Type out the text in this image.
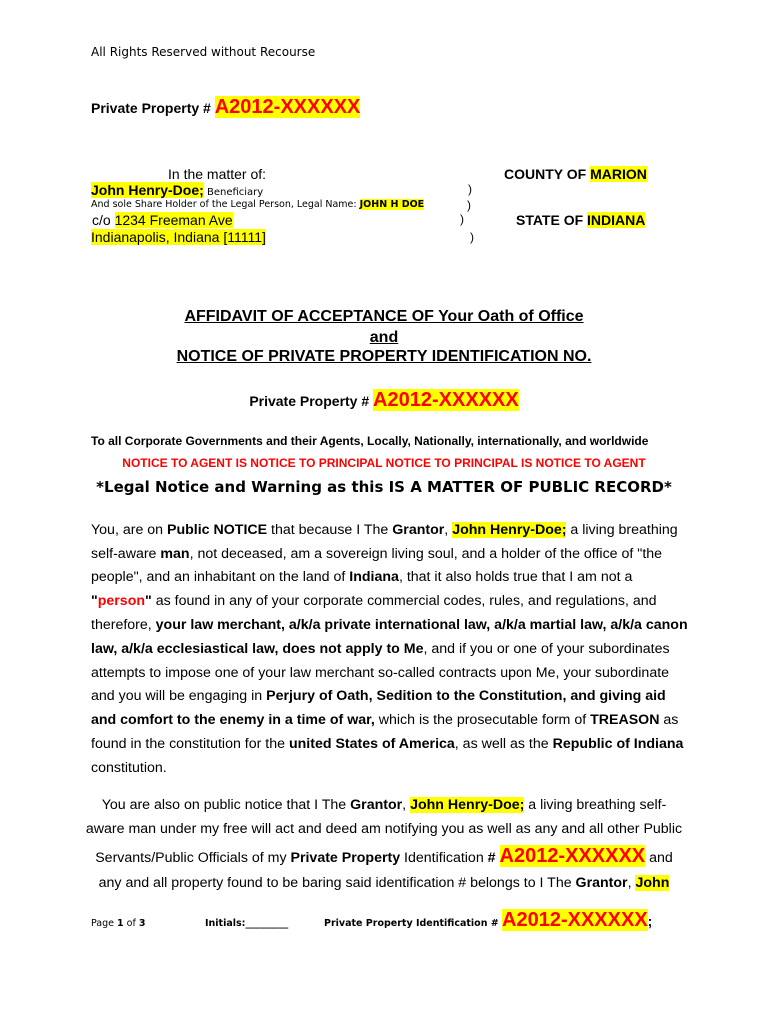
All Rights Reserved without Recourse
Private Property # A2012-XXXXXX
In the matter of:
John Henry-Doe; Beneficiary
And sole Share Holder of the Legal Person, Legal Name: JOHN H DOE
c/o 1234 Freeman Ave
Indianapolis, Indiana [11111]
)
)
)
)
COUNTY OF MARION
STATE OF INDIANA
AFFIDAVIT OF ACCEPTANCE OF Your Oath of Office
and
NOTICE OF PRIVATE PROPERTY IDENTIFICATION NO.
Private Property # A2012-XXXXXX
To all Corporate Governments and their Agents, Locally, Nationally, internationally, and worldwide
NOTICE TO AGENT IS NOTICE TO PRINCIPAL NOTICE TO PRINCIPAL IS NOTICE TO AGENT
*Legal Notice and Warning as this IS A MATTER OF PUBLIC RECORD*
You, are on Public NOTICE that because I The Grantor, John Henry-Doe; a living breathing
self-aware man, not deceased, am a sovereign living soul, and a holder of the office of "the
people", and an inhabitant on the land of Indiana, that it also holds true that I am not a
"person" as found in any of your corporate commercial codes, rules, and regulations, and
therefore, your law merchant, a/k/a private international law, a/k/a martial law, a/k/a canon
law, a/k/a ecclesiastical law, does not apply to Me, and if you or one of your subordinates
attempts to impose one of your law merchant so-called contracts upon Me, your subordinate
and you will be engaging in Perjury of Oath, Sedition to the Constitution, and giving aid
and comfort to the enemy in a time of war, which is the prosecutable form of TREASON as
found in the constitution for the united States of America, as well as the Republic of Indiana
constitution.
You are also on public notice that I The Grantor, John Henry-Doe; a living breathing self-
aware man under my free will act and deed am notifying you as well as any and all other Public
Servants/Public Officials of my Private Property Identification # A2012-XXXXXX and
any and all property found to be baring said identification # belongs to I The Grantor, John
Page 1 of 3	Initials:_________	Private Property Identification # A2012-XXXXXX;
